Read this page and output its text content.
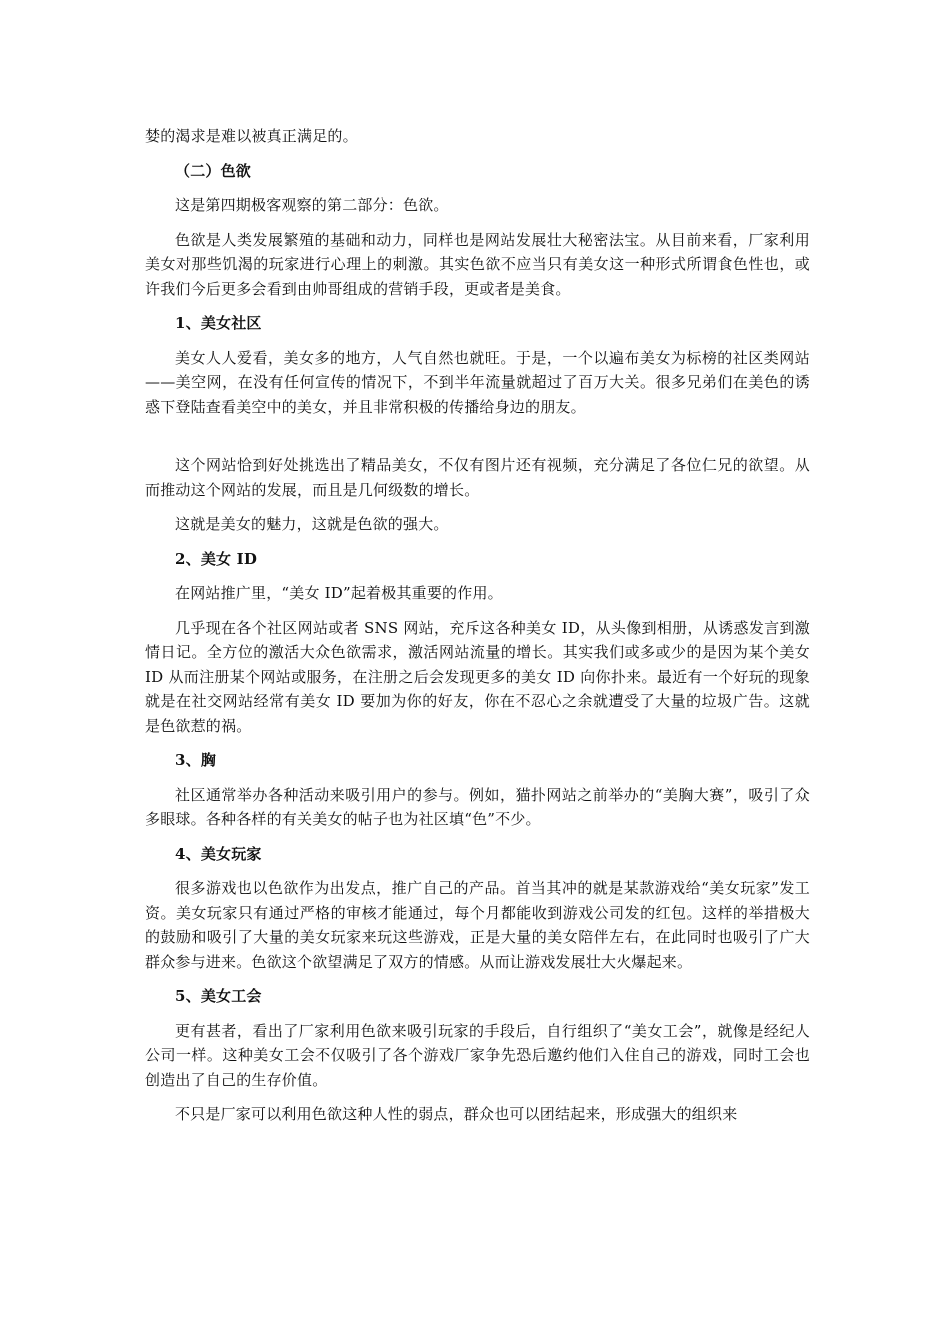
婪的渴求是难以被真正满足的。

（二）色欲

这是第四期极客观察的第二部分：色欲。

色欲是人类发展繁殖的基础和动力，同样也是网站发展壮大秘密法宝。从目前来看，厂家利用美女对那些饥渴的玩家进行心理上的刺激。其实色欲不应当只有美女这一种形式所谓食色性也，或许我们今后更多会看到由帅哥组成的营销手段，更或者是美食。

1、美女社区

美女人人爱看，美女多的地方，人气自然也就旺。于是，一个以遍布美女为标榜的社区类网站——美空网，在没有任何宣传的情况下，不到半年流量就超过了百万大关。很多兄弟们在美色的诱惑下登陆查看美空中的美女，并且非常积极的传播给身边的朋友。

这个网站恰到好处挑选出了精品美女，不仅有图片还有视频，充分满足了各位仁兄的欲望。从而推动这个网站的发展，而且是几何级数的增长。

这就是美女的魅力，这就是色欲的强大。

2、美女 ID

在网站推广里，“美女 ID”起着极其重要的作用。

几乎现在各个社区网站或者 SNS 网站，充斥这各种美女 ID，从头像到相册，从诱惑发言到激情日记。全方位的激活大众色欲需求，激活网站流量的增长。其实我们或多或少的是因为某个美女 ID 从而注册某个网站或服务，在注册之后会发现更多的美女 ID 向你扑来。最近有一个好玩的现象就是在社交网站经常有美女 ID 要加为你的好友，你在不忍心之余就遭受了大量的垃圾广告。这就是色欲惹的祸。

3、胸

社区通常举办各种活动来吸引用户的参与。例如，猫扑网站之前举办的“美胸大赛”，吸引了众多眼球。各种各样的有关美女的帖子也为社区填“色”不少。

4、美女玩家

很多游戏也以色欲作为出发点，推广自己的产品。首当其冲的就是某款游戏给“美女玩家”发工资。美女玩家只有通过严格的审核才能通过，每个月都能收到游戏公司发的红包。这样的举措极大的鼓励和吸引了大量的美女玩家来玩这些游戏，正是大量的美女陪伴左右，在此同时也吸引了广大群众参与进来。色欲这个欲望满足了双方的情感。从而让游戏发展壮大火爆起来。

5、美女工会

更有甚者，看出了厂家利用色欲来吸引玩家的手段后，自行组织了“美女工会”，就像是经纪人公司一样。这种美女工会不仅吸引了各个游戏厂家争先恐后邀约他们入住自己的游戏，同时工会也创造出了自己的生存价值。

不只是厂家可以利用色欲这种人性的弱点，群众也可以团结起来，形成强大的组织来
